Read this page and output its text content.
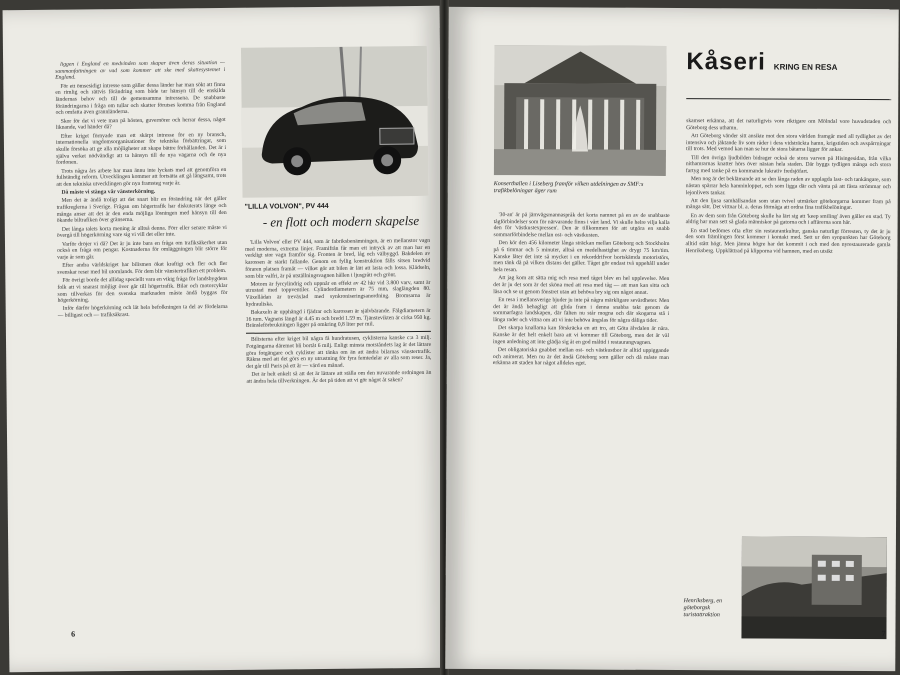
liggen i England en medvinden som skapar även deras situation — sammanfattningen av vad som kommer att ske med skattesystemet i England.

För ett ömsesidigt intresse som gäller dessa länder har man sökt att finna en rimlig och rättvis förändring som både tar hänsyn till de enskilda ländernas behov och till de gemensamma intressena. De snabbaste förändringarna i fråga om tullar och skatter förutses komma från England och omfatta även grannländerna.

Skor för det vi vete man på hösten, guvernörer och herrar dessa, något liknande, vad händer då?

Efter kriget förnyade man ett skärpt intresse för en ny bransch, internationella ungdomsorganisationer för tekniska förbättringar, som skulle försöka att ge alla möjligheter att skapa bättre förhållanden. Det är i själva verket nödvändigt att ta hänsyn till de nya vägarna och de nya fordonen.

Trots några års arbete har man ännu inte lyckats med att genomföra en fullständig reform. Utvecklingen kommer att fortsätta att gå långsamt, trots att den tekniska utvecklingen gör nya framsteg varje år.

Då måste vi stänga vår vänsterkörning.

Men det är ändå troligt att det snart blir en förändring när det gäller trafikreglerna i Sverige. Frågan om högertrafik har diskuterats länge och många anser att det är den enda möjliga lösningen med hänsyn till den ökande biltrafiken över gränserna.

Det långa talets korta mening är alltså denna. Förr eller senare måste vi övergå till högerkörning vare sig vi vill det eller inte.

Varför dröjer vi då? Det är ju inte bara en fråga om trafiksäkerhet utan också en fråga om pengar. Kostnaderna för omläggningen blir större för varje år som går.

Efter andra världskriget har bilismen ökat kraftigt och fler och fler svenskar reser med bil utomlands. För dem blir vänstertrafiken ett problem.

För övrigt borde det allidag speciellt vara en vikig fråga för landsbygdens folk att vi snarast möjligt över går till högertrafik. Bilar och motorcyklar som tillverkas för den svenska marknaden måste ändå byggas för högerkörning.

Inför därför högerkörning och lät hela befolkningen ta del av fördelarna — billigast och — trafiksäkrast.

"LILLA VOLVON", PV 444
- en flott och modern skapelse

'Lilla Volvon' eller PV 444, som är fabriksbenämningen, är en mellanstor vagn med moderna, extrema linjer. Framifrån får man ett intryck av att man har en verkligt stor vagn framför sig. Fronten är bred, låg och välbyggd. Bakdelen av karossen är starkt fallande. Genom en fyllig konstruktion fälls sitsen bredvid föraren platsen framåt — vilket gör att bilen är lätt att lasta och lossa. Klädseln, som blir valfri, är på utställningsvagnen hållen i ljusgrått och grönt.

Motorn är fyrcylindrig och uppnår en effekt av 42 hkr vid 3.800 varv, samt är utrustad med toppventiler. Cylinderdiametern är 75 mm, slaglängden 80. Växellådan är treväxlad med synkroniseringsanordning. Bromsarna är hydrauliska.

Bakaxeln är upphängd i fjädrar och karossen är självbärande. Fälgdiametern är 16 tum. Vagnens längd är 4.45 m och bredd 1.59 m. Tjänstevikten är cirka 950 kg. Bränsleförbrukningen ligger på omkring 0,8 liter per mil.

Bilisterna efter kriget bil några få hundratusen, cyklisterna kanske c:a 3 milj. Fotgängarna däremot bli bortåt 6 milj. Enligt minsta motståndets lag är det lättare göra fotgängare och cyklister att tänka om än att ändra bilarnas vänstertrafik. Räkna med att det görs en ny utrustning för fyra femtedelar av alla som reser. Ja, det går till Paris på ett år — värd en månad.

Det är helt enkelt så att det är lättare att ställa om den nuvarande ordningen än att ändra hela tillverkningen. Är det på tiden att vi gör något åt saken?

6
Konserthallen i Liseberg framför vilken utdelningen av SMF:s trafikbelöningar äger rum
Kåseri KRING EN RESA

'30-an' är på järnvägsmannaspråk det korta namnet på en av de snabbaste tågförbindelser som för närvarande finns i vårt land. Vi skulle helre vilja kalla den för 'västkustexpressen'. Den är tillkommen för att utgöra en snabb sommarförbindelse mellan ost- och västkusten.

Den kör den 456 kilometer långa sträckan mellan Göteborg och Stockholm på 6 timmar och 5 minuter, alltså en medelhastighet av drygt 75 km/tim. Kanske låter det inte så mycket i en rekorddrifvor bortskämda motoristörs, men tänk då på vilken distans det gäller. Tåget gör endast två uppehåll under hela resan.

Att jag kom att sätta mig och resa med tåget blev en hel upplevelse. Men det är ju det som är det sköna med att resa med tåg — att man kan sitta och läsa och se ut genom fönstret utan att behöva bry sig om något annat.

En resa i mellansverige bjuder ju inte på några märkligare sevärdheter. Men det är ändå behagligt att glida fram i denna snabba takt genom de sommarfagra landskapen, där fälten nu står mogna och där skogarna stå i långa rader och vittna om att vi inte behöva ängslas för några dåliga tider.

Det skarpa knallarna kan förskräcka en att tro, att Göta älvdalen är nära. Kanske är det helt enkelt bara att vi kommer till Göteborg, men det är väl ingen anledning att inte glädja sig åt en god måltid i restaurangvagnen.

Det obligatoriska gnabbet mellan ost- och västkustbor är alltid uppiggande och animerat. Men nu är det ändå Göteborg som gäller och då måste man erkänna att staden har något alldeles eget.

skamset erkänna, att det naturligtvis vore riktigare om Mölndal vore huvudstaden och Göteborg dess uthamn.

Att Göteborg vänder sitt ansikte mot den stora världen framgår med all tydlighet av det intensiva och jäktande liv som råder i dess vidsträckta hamn, krigstiden och avspärrningar till trots. Med vemod kan man se hur de stora båtarna ligger för ankar.

Till den övriga ljudbilden bidrager också de stora varven på Hisingesidan, från vilka nithamrarnas knatter hörs över nästan hela staden. Där byggs tydligen många och stora fartyg med tanke på en kommande lukrativ fredsjöfart.

Men nog är det beklämande att se den långa raden av upplagda last- och tankångare, som nästan spärrar hela hamninloppet, och som ligga där och vänta på att fåsta strömmar och lejonlivets tankar.

Att den ljusa samhällsandan som utan tvivel utmärker göteborgarna kommer fram på många sätt. Det vittnar bl. a. deras förmåga att ordna fina trafikbelöningar.

En av dem som från Göteborg skulle ha lärt sig att 'keep smiling' även gäller en stad. Ty aldrig har man sett så glada människor på gatorna och i affärerna som här.

En stad bedömes ofta efter sin restaurantkultur, ganska naturligt förresten, ty det är ju den som främlingen först kommer i kontakt med. Sett ur den synpunkten har Göteborg alltid stått högt. Men jämna högre har det kommit i och med den nyrestaurerade gamla Henriksberg. Uppklättrad på klipporna vid hamnen, med en utsikt

Henriksberg, en göteborgsk turistattraktion
7
